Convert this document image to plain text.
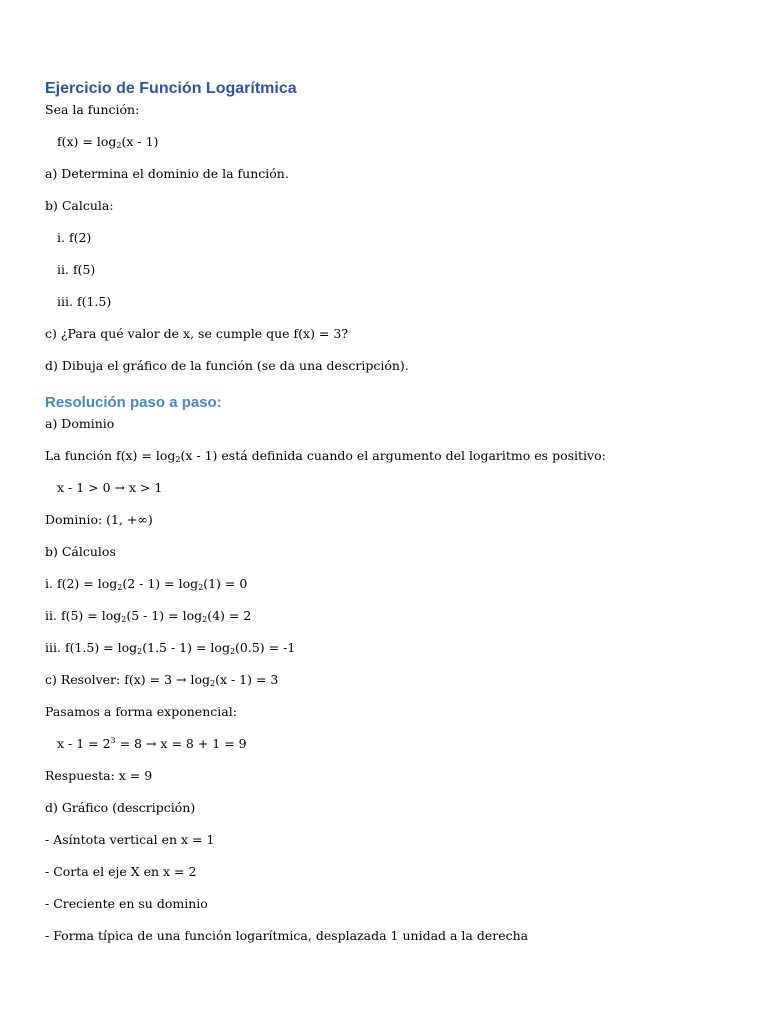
Ejercicio de Función Logarítmica
Sea la función:
$f(x) = \log_2(x - 1)$
a) Determina el dominio de la función.
b) Calcula:
i. f(2)
ii. f(5)
iii. f(1.5)
c) ¿Para qué valor de x, se cumple que f(x) = 3?
d) Dibuja el gráfico de la función (se da una descripción).
Resolución paso a paso:
a) Dominio
La función $f(x) = \log_2(x - 1)$ está definida cuando el argumento del logaritmo es positivo:
x - 1 > 0 → x > 1
Dominio: (1, +∞)
b) Cálculos
i. $f(2) = \log_2(2 - 1) = \log_2(1) = 0$
ii. $f(5) = \log_2(5 - 1) = \log_2(4) = 2$
iii. $f(1.5) = \log_2(1.5 - 1) = \log_2(0.5) = -1$
c) Resolver: $f(x) = 3 \to \log_2(x - 1) = 3$
Pasamos a forma exponencial:
$x - 1 = 2^3 = 8 \to x = 8 + 1 = 9$
Respuesta: x = 9
d) Gráfico (descripción)
- Asíntota vertical en x = 1
- Corta el eje X en x = 2
- Creciente en su dominio
- Forma típica de una función logarítmica, desplazada 1 unidad a la derecha
